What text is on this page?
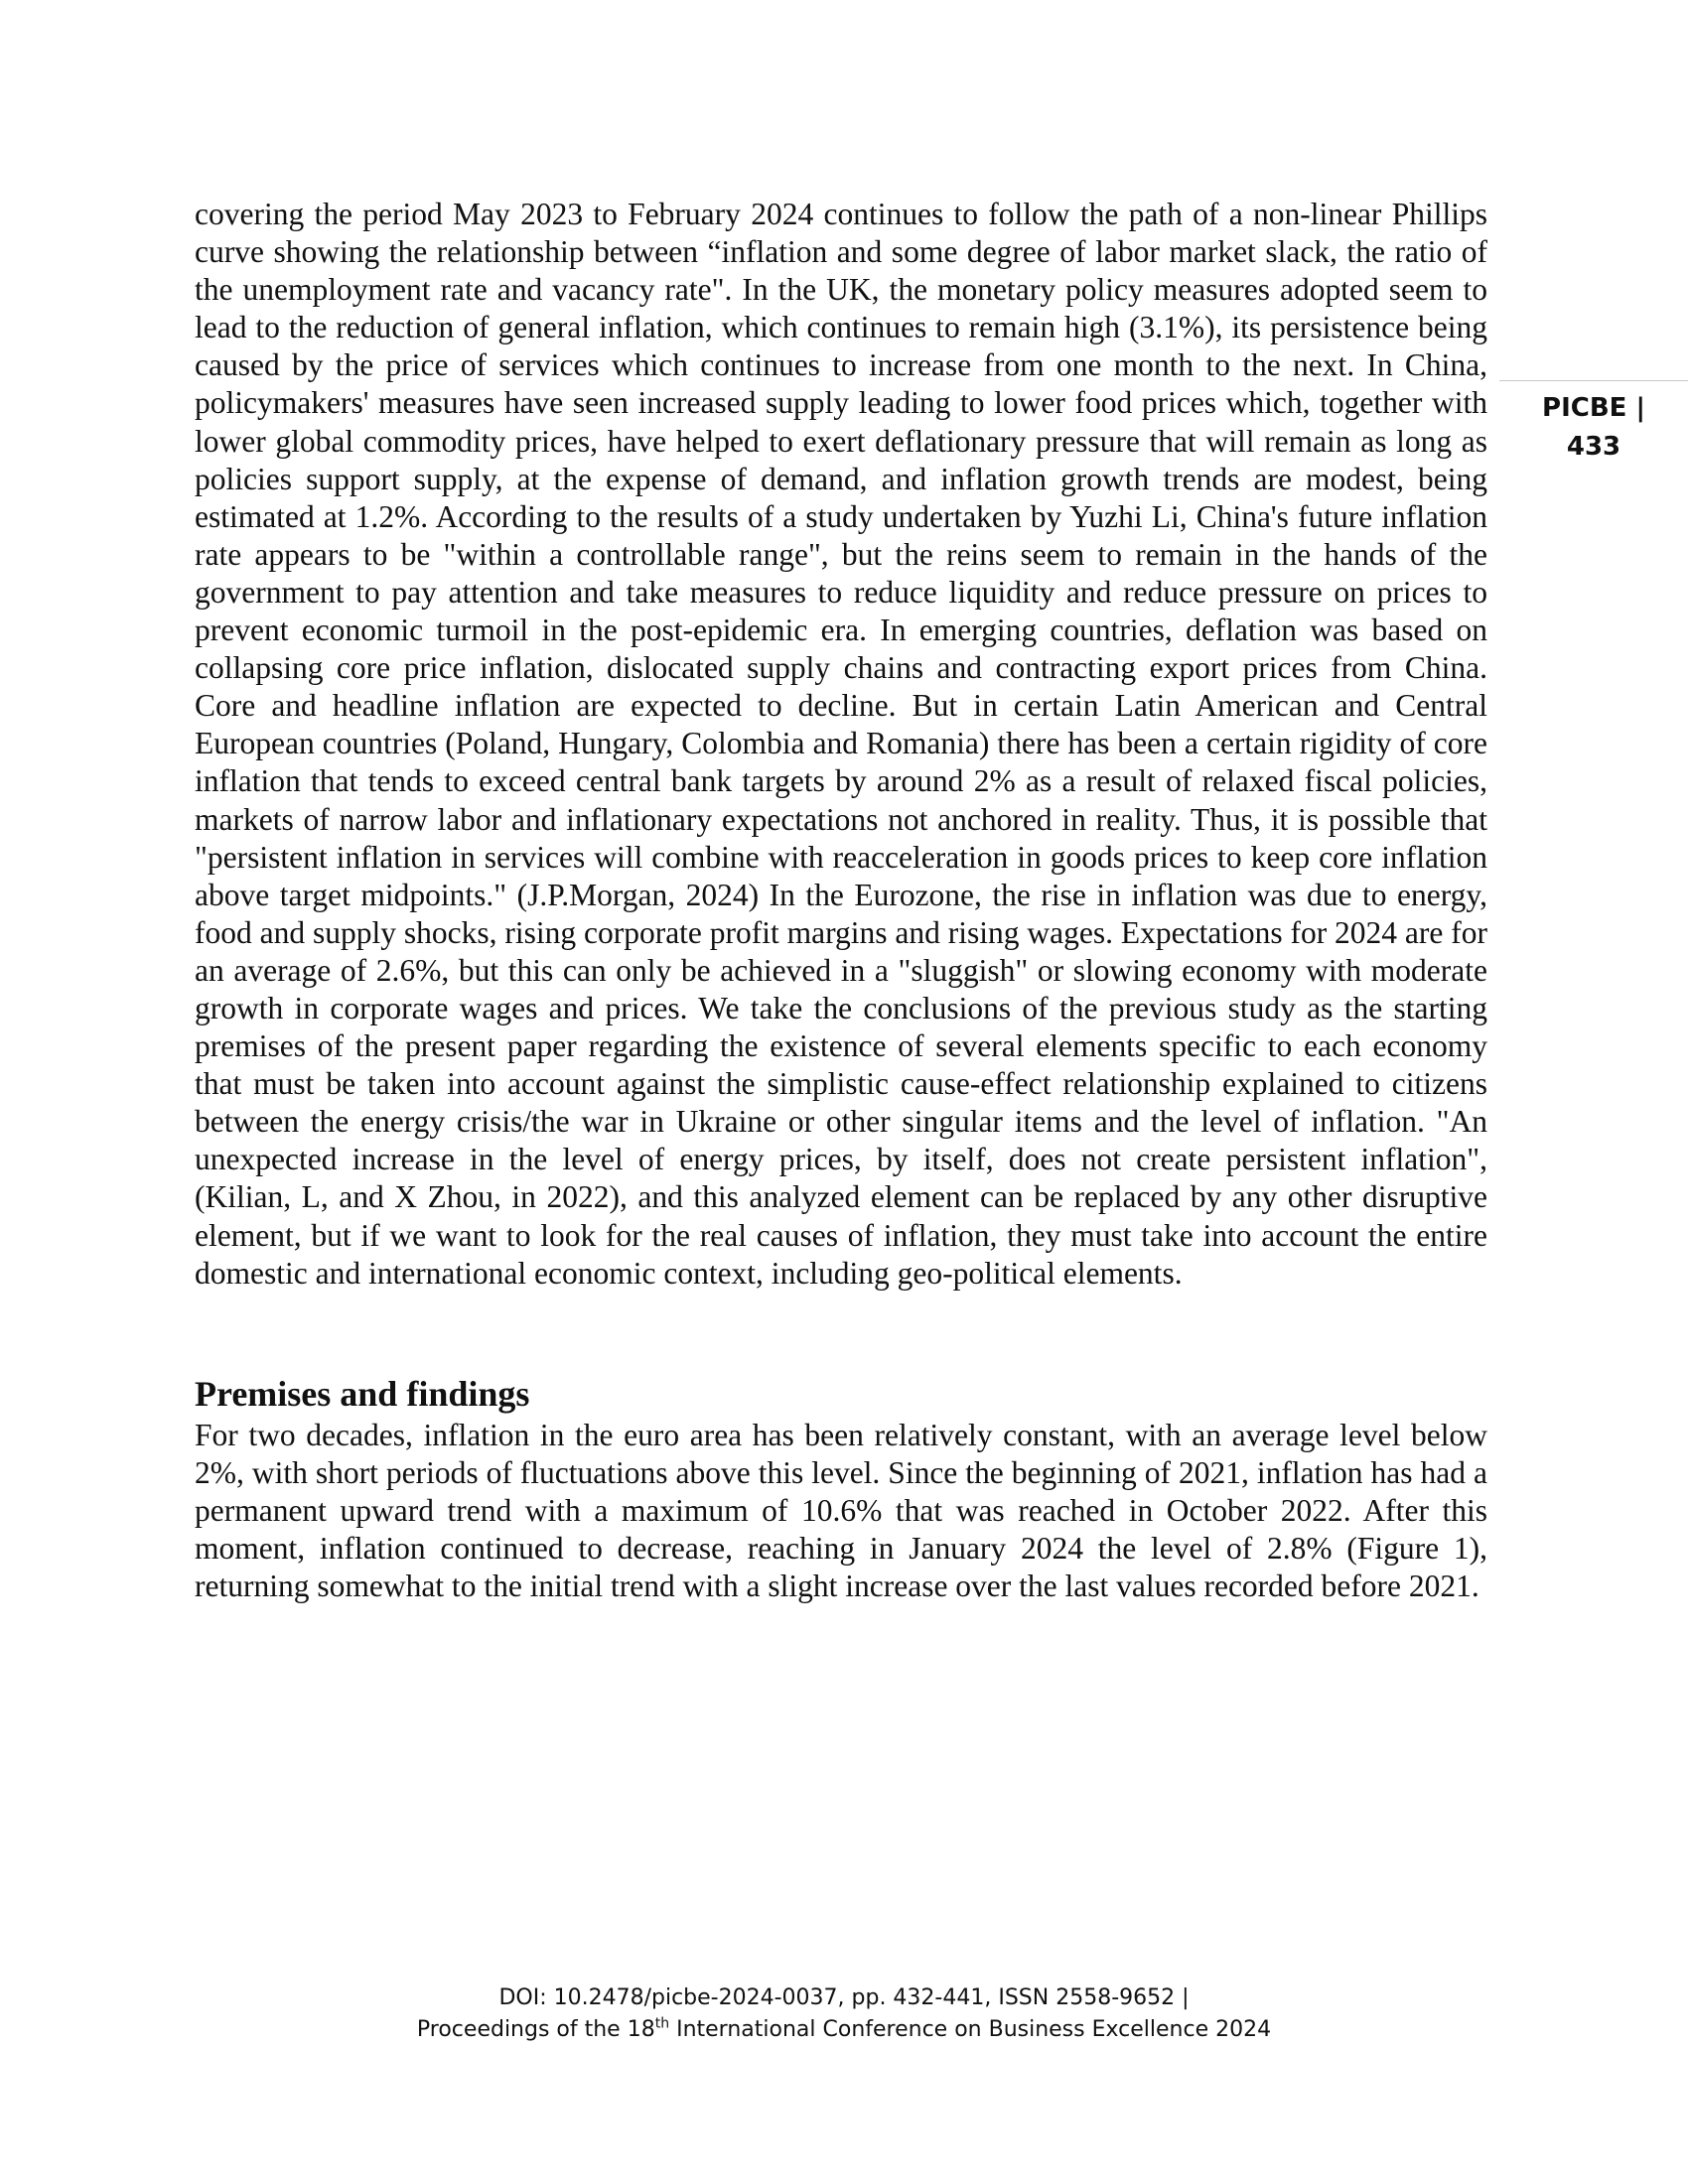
covering the period May 2023 to February 2024 continues to follow the path of a non-linear Phillips curve showing the relationship between “inflation and some degree of labor market slack, the ratio of the unemployment rate and vacancy rate". In the UK, the monetary policy measures adopted seem to lead to the reduction of general inflation, which continues to remain high (3.1%), its persistence being caused by the price of services which continues to increase from one month to the next. In China, policymakers' measures have seen increased supply leading to lower food prices which, together with lower global commodity prices, have helped to exert deflationary pressure that will remain as long as policies support supply, at the expense of demand, and inflation growth trends are modest, being estimated at 1.2%. According to the results of a study undertaken by Yuzhi Li, China's future inflation rate appears to be "within a controllable range", but the reins seem to remain in the hands of the government to pay attention and take measures to reduce liquidity and reduce pressure on prices to prevent economic turmoil in the post-epidemic era. In emerging countries, deflation was based on collapsing core price inflation, dislocated supply chains and contracting export prices from China. Core and headline inflation are expected to decline. But in certain Latin American and Central European countries (Poland, Hungary, Colombia and Romania) there has been a certain rigidity of core inflation that tends to exceed central bank targets by around 2% as a result of relaxed fiscal policies, markets of narrow labor and inflationary expectations not anchored in reality. Thus, it is possible that "persistent inflation in services will combine with reacceleration in goods prices to keep core inflation above target midpoints." (J.P.Morgan, 2024) In the Eurozone, the rise in inflation was due to energy, food and supply shocks, rising corporate profit margins and rising wages. Expectations for 2024 are for an average of 2.6%, but this can only be achieved in a "sluggish" or slowing economy with moderate growth in corporate wages and prices. We take the conclusions of the previous study as the starting premises of the present paper regarding the existence of several elements specific to each economy that must be taken into account against the simplistic cause-effect relationship explained to citizens between the energy crisis/the war in Ukraine or other singular items and the level of inflation. "An unexpected increase in the level of energy prices, by itself, does not create persistent inflation", (Kilian, L, and X Zhou, in 2022), and this analyzed element can be replaced by any other disruptive element, but if we want to look for the real causes of inflation, they must take into account the entire domestic and international economic context, including geo-political elements.

Premises and findings

For two decades, inflation in the euro area has been relatively constant, with an average level below 2%, with short periods of fluctuations above this level. Since the beginning of 2021, inflation has had a permanent upward trend with a maximum of 10.6% that was reached in October 2022. After this moment, inflation continued to decrease, reaching in January 2024 the level of 2.8% (Figure 1), returning somewhat to the initial trend with a slight increase over the last values recorded before 2021.

PICBE |
433
DOI: 10.2478/picbe-2024-0037, pp. 432-441, ISSN 2558-9652 |
Proceedings of the 18th International Conference on Business Excellence 2024
